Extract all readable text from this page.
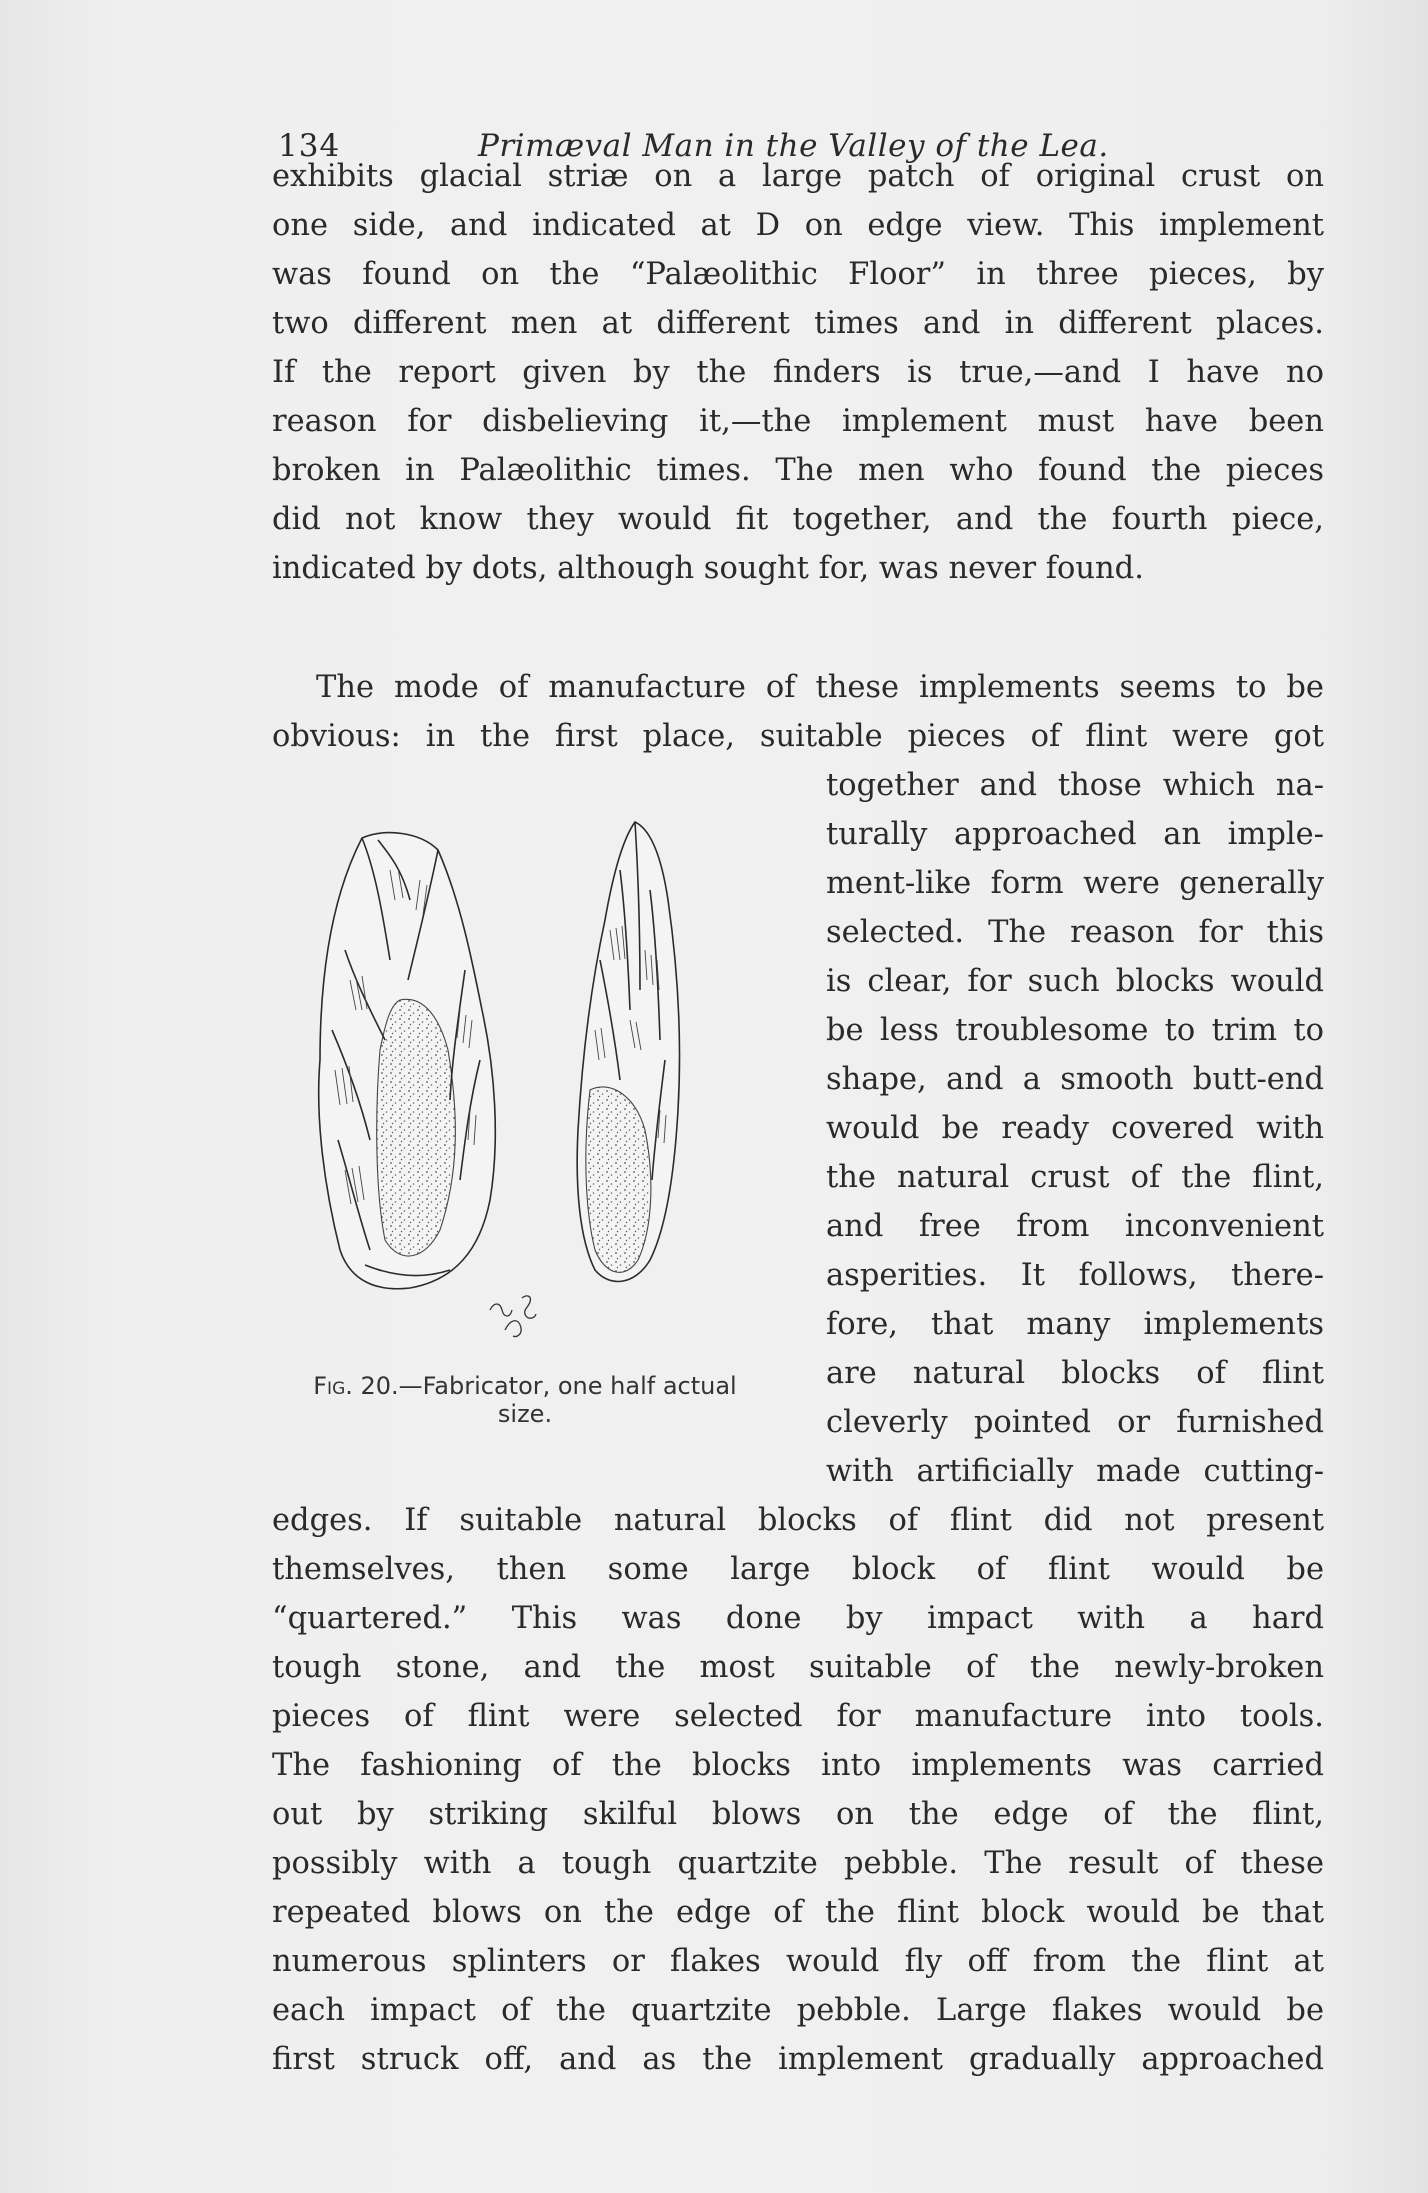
134	Primæval Man in the Valley of the Lea.
exhibits glacial striæ on a large patch of original crust on
one side, and indicated at D on edge view. This implement
was found on the “Palæolithic Floor” in three pieces, by
two different men at different times and in different places.
If the report given by the finders is true,—and I have no
reason for disbelieving it,—the implement must have been
broken in Palæolithic times. The men who found the pieces
did not know they would fit together, and the fourth piece,
indicated by dots, although sought for, was never found.
The mode of manufacture of these implements seems to be
obvious: in the first place, suitable pieces of flint were got
together and those which na-
turally approached an imple-
ment-like form were generally
selected. The reason for this
is clear, for such blocks would
be less troublesome to trim to
shape, and a smooth butt-end
would be ready covered with
the natural crust of the flint,
and free from inconvenient
asperities. It follows, there-
fore, that many implements
are natural blocks of flint
cleverly pointed or furnished
with artificially made cutting-
Fig. 20.—Fabricator, one half actual size.
edges. If suitable natural blocks of flint did not present
themselves, then some large block of flint would be
“quartered.” This was done by impact with a hard
tough stone, and the most suitable of the newly-broken
pieces of flint were selected for manufacture into tools.
The fashioning of the blocks into implements was carried
out by striking skilful blows on the edge of the flint,
possibly with a tough quartzite pebble. The result of these
repeated blows on the edge of the flint block would be that
numerous splinters or flakes would fly off from the flint at
each impact of the quartzite pebble. Large flakes would be
first struck off, and as the implement gradually approached
